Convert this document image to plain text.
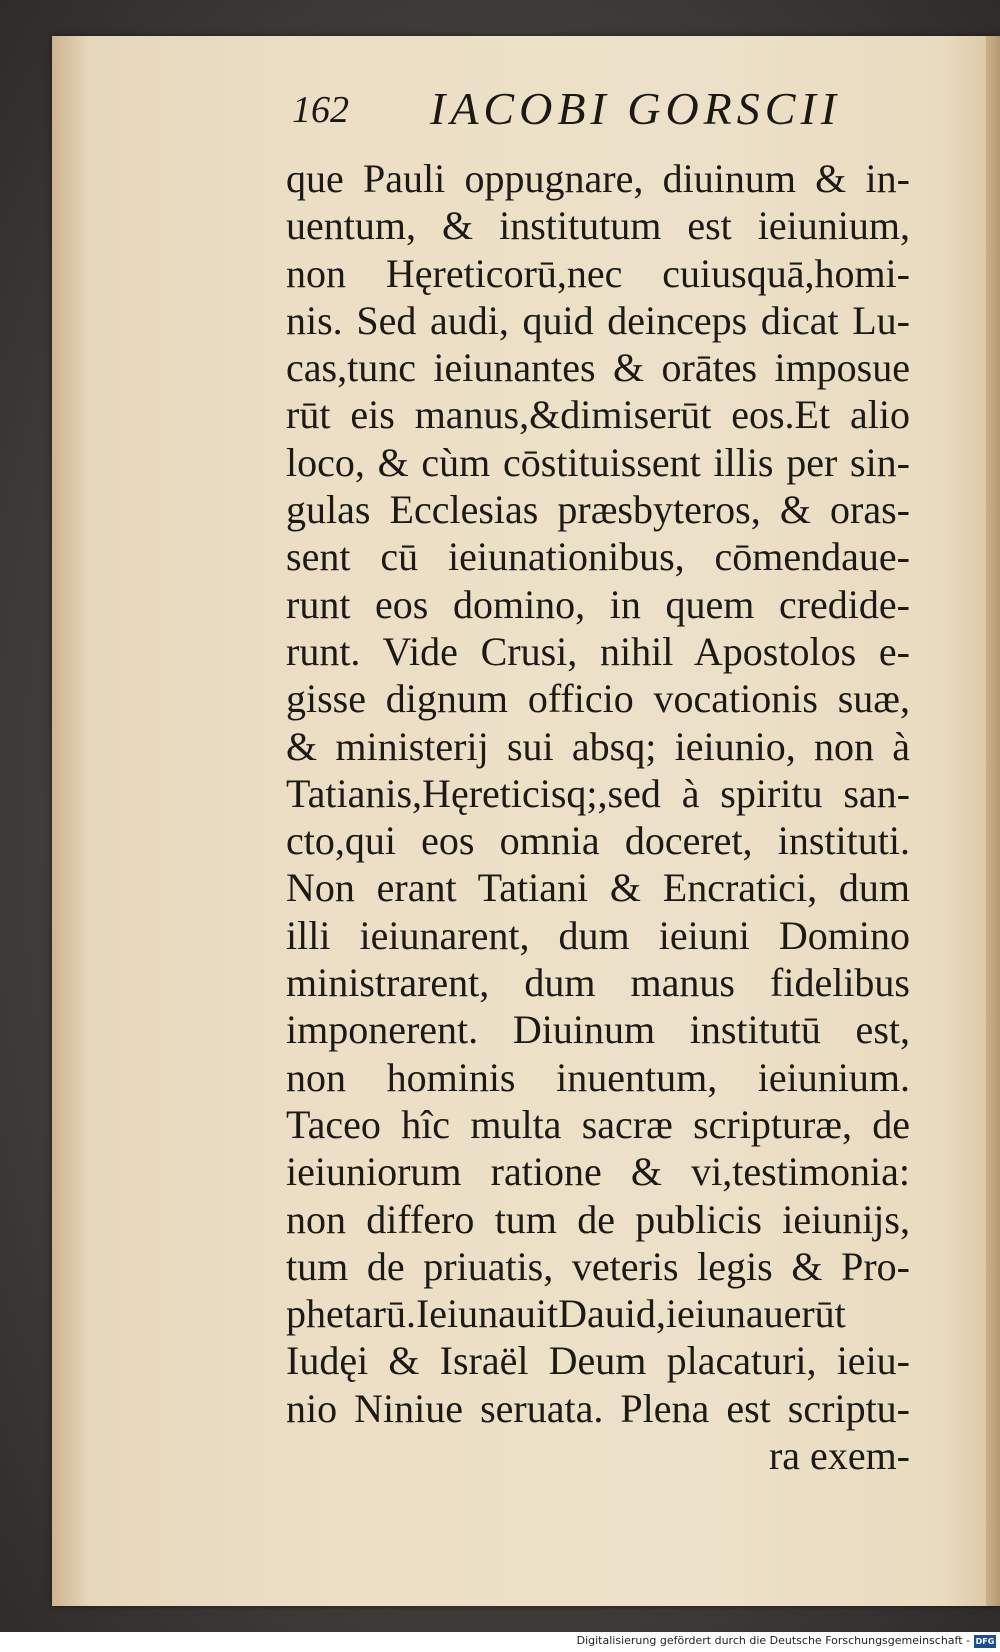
162 IACOBI GORSCII
que Pauli oppugnare, diuinum & in-
uentum, & institutum est ieiunium,
non Hęreticorū,nec cuiusquā,homi-
nis. Sed audi, quid deinceps dicat Lu-
cas,tunc ieiunantes & orātes imposue
rūt eis manus,&dimiserūt eos.Et alio
loco, & cùm cōstituissent illis per sin-
gulas Ecclesias præsbyteros, & oras-
sent cū ieiunationibus, cōmendaue-
runt eos domino, in quem credide-
runt. Vide Crusi, nihil Apostolos e-
gisse dignum officio vocationis suæ,
& ministerij sui absq; ieiunio, non à
Tatianis,Hęreticisq;,sed à spiritu san-
cto,qui eos omnia doceret, instituti.
Non erant Tatiani & Encratici, dum
illi ieiunarent, dum ieiuni Domino
ministrarent, dum manus fidelibus
imponerent. Diuinum institutū est,
non hominis inuentum, ieiunium.
Taceo hîc multa sacræ scripturæ, de
ieiuniorum ratione & vi,testimonia:
non differo tum de publicis ieiunijs,
tum de priuatis, veteris legis & Pro-
phetarū.IeiunauitDauid,ieiunauerūt
Iudęi & Israël Deum placaturi, ieiu-
nio Niniue seruata. Plena est scriptu-
ra exem-
Digitalisierung gefördert durch die Deutsche Forschungsgemeinschaft - DFG
